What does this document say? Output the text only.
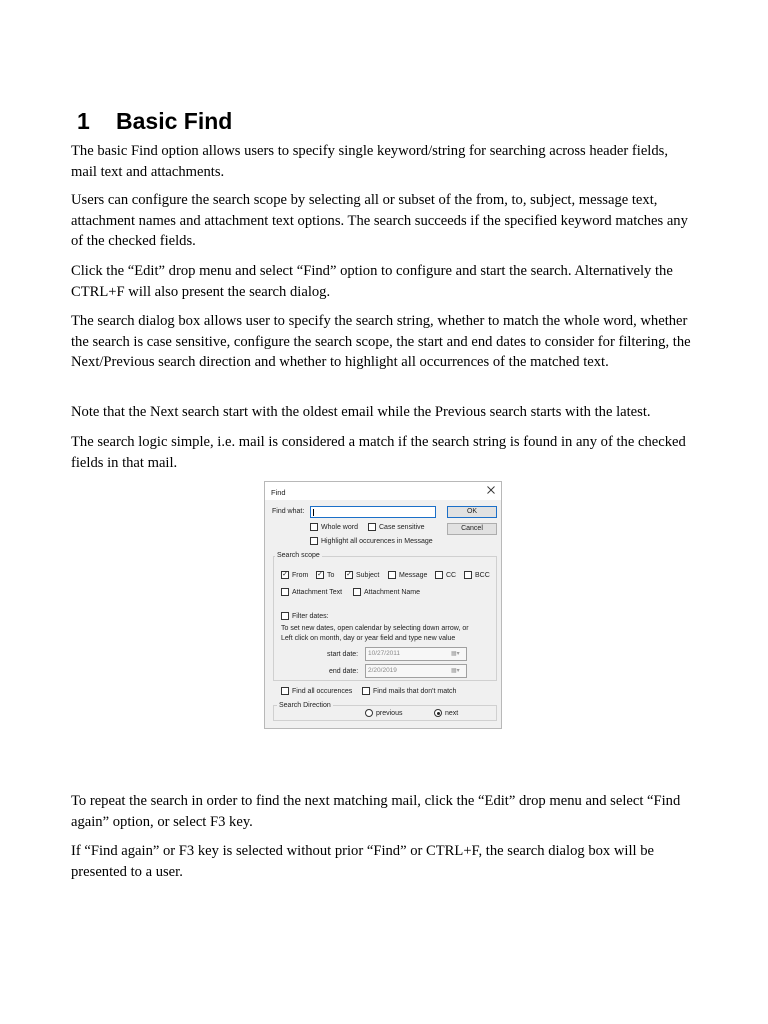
1 Basic Find

The basic Find option allows users to specify single keyword/string for searching across header fields, mail text and attachments.

Users can configure the search scope by selecting all or subset of the from, to, subject, message text, attachment names and attachment text options. The search succeeds if the specified keyword matches any of the checked fields.

Click the “Edit” drop menu and select “Find” option to configure and start the search. Alternatively the CTRL+F will also present the search dialog.

The search dialog box allows user to specify the search string, whether to match the whole word, whether the search is case sensitive, configure the search scope, the start and end dates to consider for filtering, the Next/Previous search direction and whether to highlight all occurrences of the matched text.

Note that the Next search start with the oldest email while the Previous search starts with the latest.

The search logic simple, i.e. mail is considered a match if the search string is found in any of the checked fields in that mail.

To repeat the search in order to find the next matching mail, click the “Edit” drop menu and select “Find again” option, or select F3 key.

If “Find again” or F3 key is selected without prior “Find” or CTRL+F, the search dialog box will be presented to a user.

Find
Find what:	OK
Cancel
Whole word	Case sensitive
Highlight all occurences in Message
Search scope
✓ From ✓ To ✓ Subject	Message	CC	BCC
Attachment Text	Attachment Name
Filter dates:
To set new dates, open calendar by selecting down arrow, or
Left click on month, day or year field and type new value
start date:	10/27/2011	▦▾
end date:	2/20/2019	▦▾
Find all occurences	Find mails that don't match
Search Direction
previous	next
